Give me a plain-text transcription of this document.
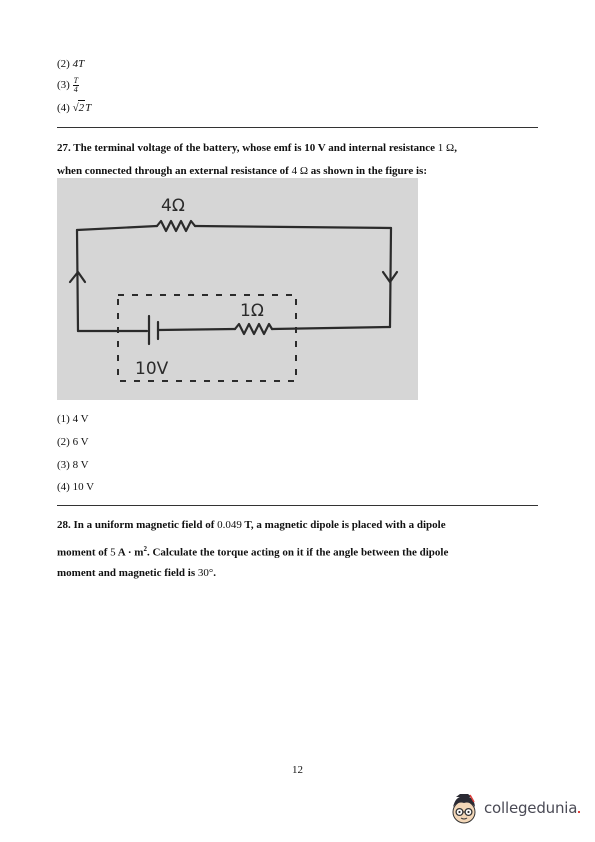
(2) 4T
$(3) \frac{T}{4}$
(4) √2T
27. The terminal voltage of the battery, whose emf is 10 V and internal resistance 1 Ω,
when connected through an external resistance of 4 Ω as shown in the figure is:
4Ω
1Ω
10V
(1) 4 V
(2) 6 V
(3) 8 V
(4) 10 V
28. In a uniform magnetic field of 0.049 T, a magnetic dipole is placed with a dipole
moment of 5 $A \cdot m^2$. Calculate the torque acting on it if the angle between the dipole
moment and magnetic field is 30°.
12
collegedunia
